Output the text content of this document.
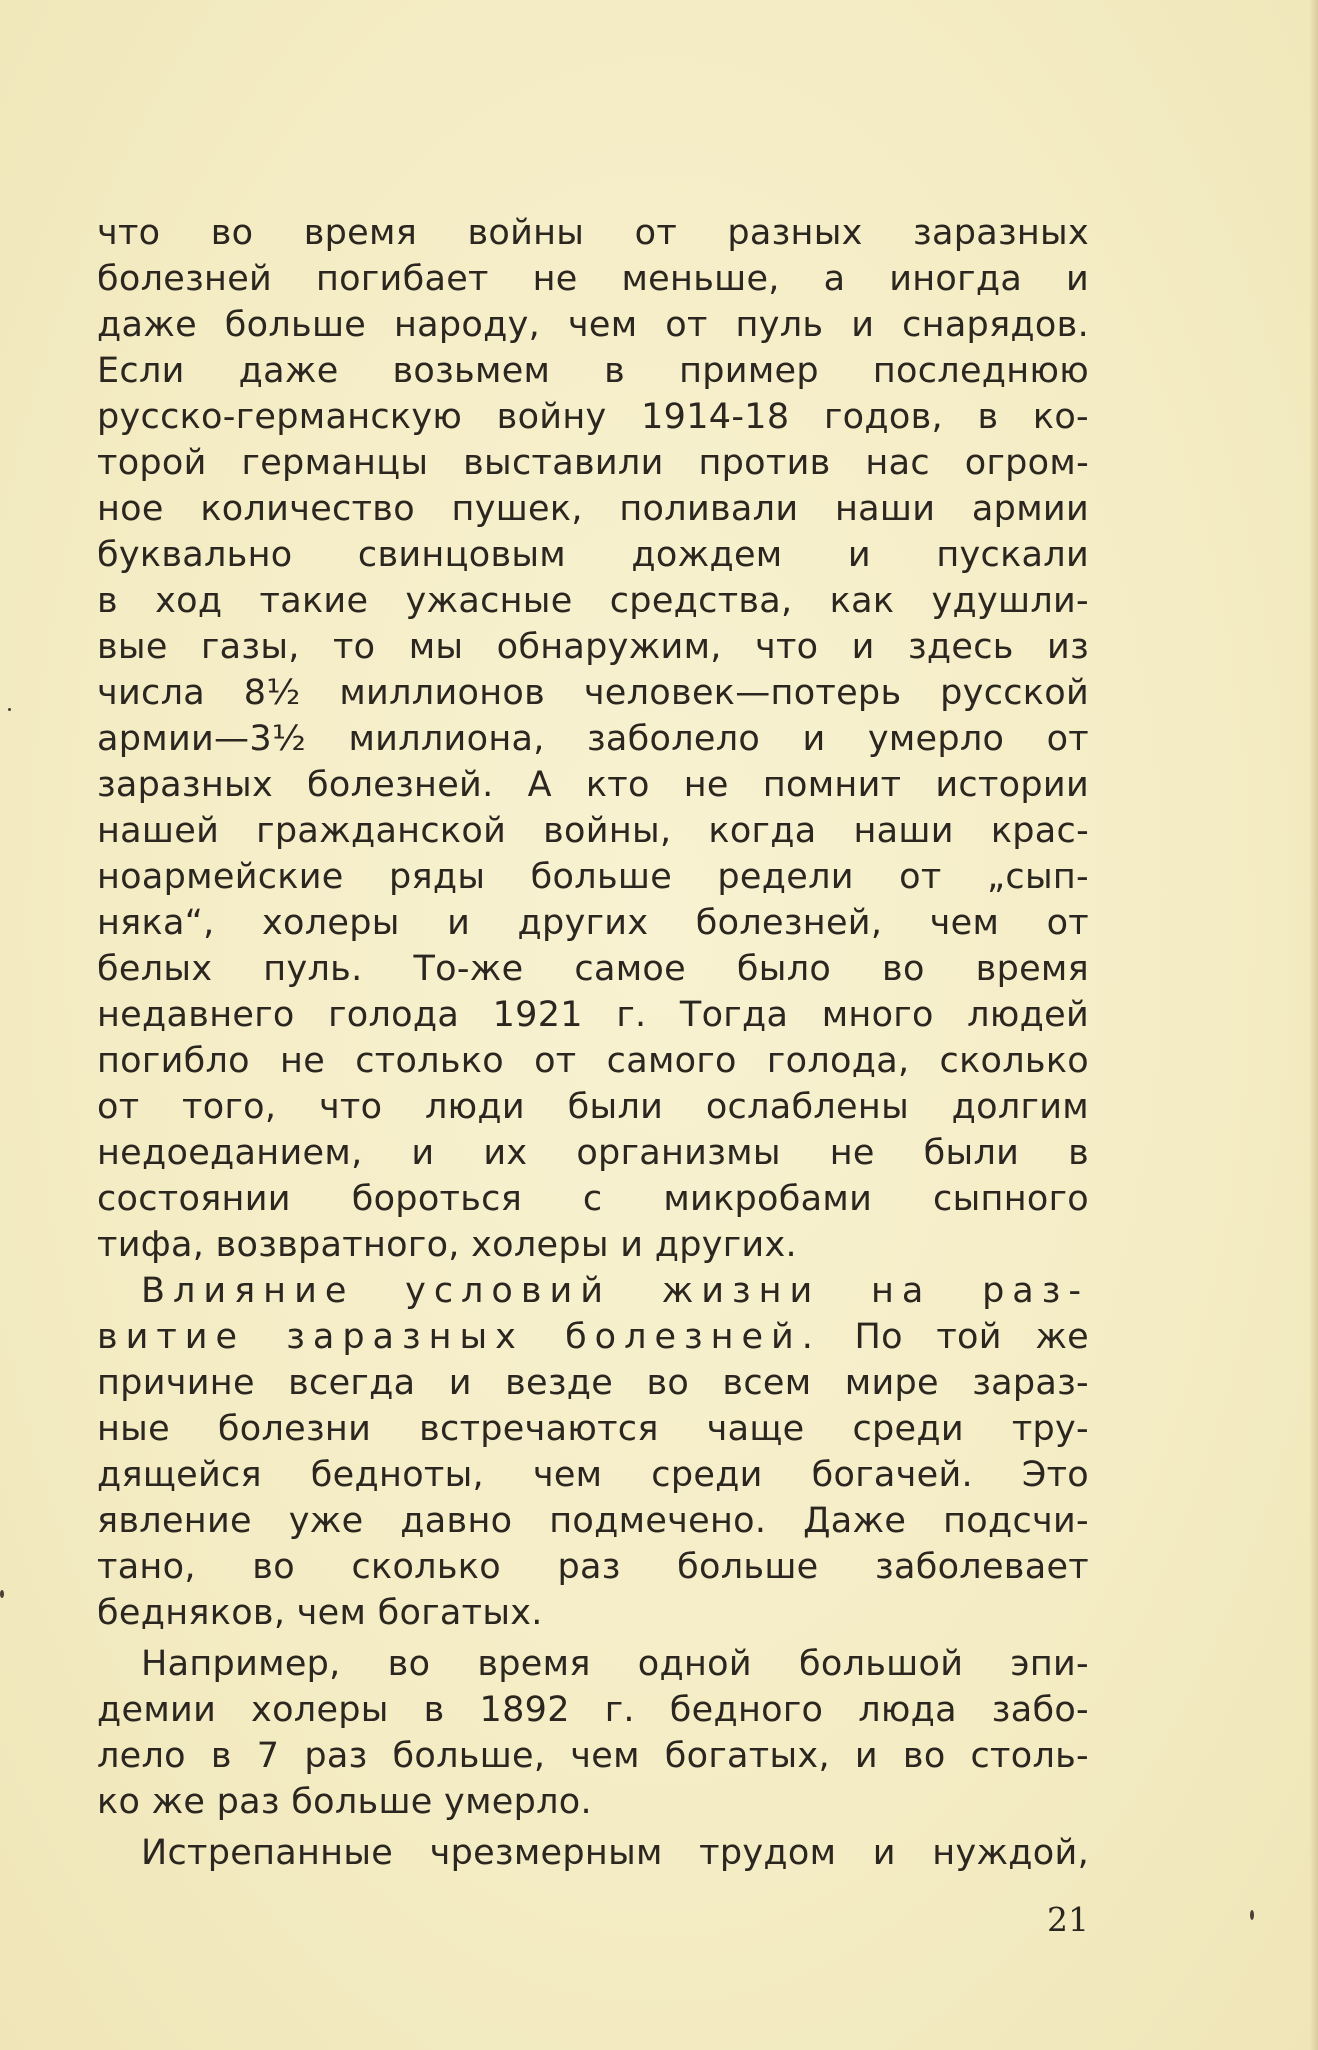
что во время войны от разных заразных
болезней погибает не меньше, а иногда и
даже больше народу, чем от пуль и снарядов.
Если даже возьмем в пример последнюю
русско-германскую войну 1914-18 годов, в ко-
торой германцы выставили против нас огром-
ное количество пушек, поливали наши армии
буквально свинцовым дождем и пускали
в ход такие ужасные средства, как удушли-
вые газы, то мы обнаружим, что и здесь из
числа 8½ миллионов человек—потерь русской
армии—3½ миллиона, заболело и умерло от
заразных болезней. А кто не помнит истории
нашей гражданской войны, когда наши крас-
ноармейские ряды больше редели от „сып-
няка“, холеры и других болезней, чем от
белых пуль. То-же самое было во время
недавнего голода 1921 г. Тогда много людей
погибло не столько от самого голода, сколько
от того, что люди были ослаблены долгим
недоеданием, и их организмы не были в
состоянии бороться с микробами сыпного
тифа, возвратного, холеры и других.
Влияние условий жизни на раз-
витие заразных болезней. По той же
причине всегда и везде во всем мире зараз-
ные болезни встречаются чаще среди тру-
дящейся бедноты, чем среди богачей. Это
явление уже давно подмечено. Даже подсчи-
тано, во сколько раз больше заболевает
бедняков, чем богатых.
Например, во время одной большой эпи-
демии холеры в 1892 г. бедного люда забо-
лело в 7 раз больше, чем богатых, и во столь-
ко же раз больше умерло.
Истрепанные чрезмерным трудом и нуждой,
21
